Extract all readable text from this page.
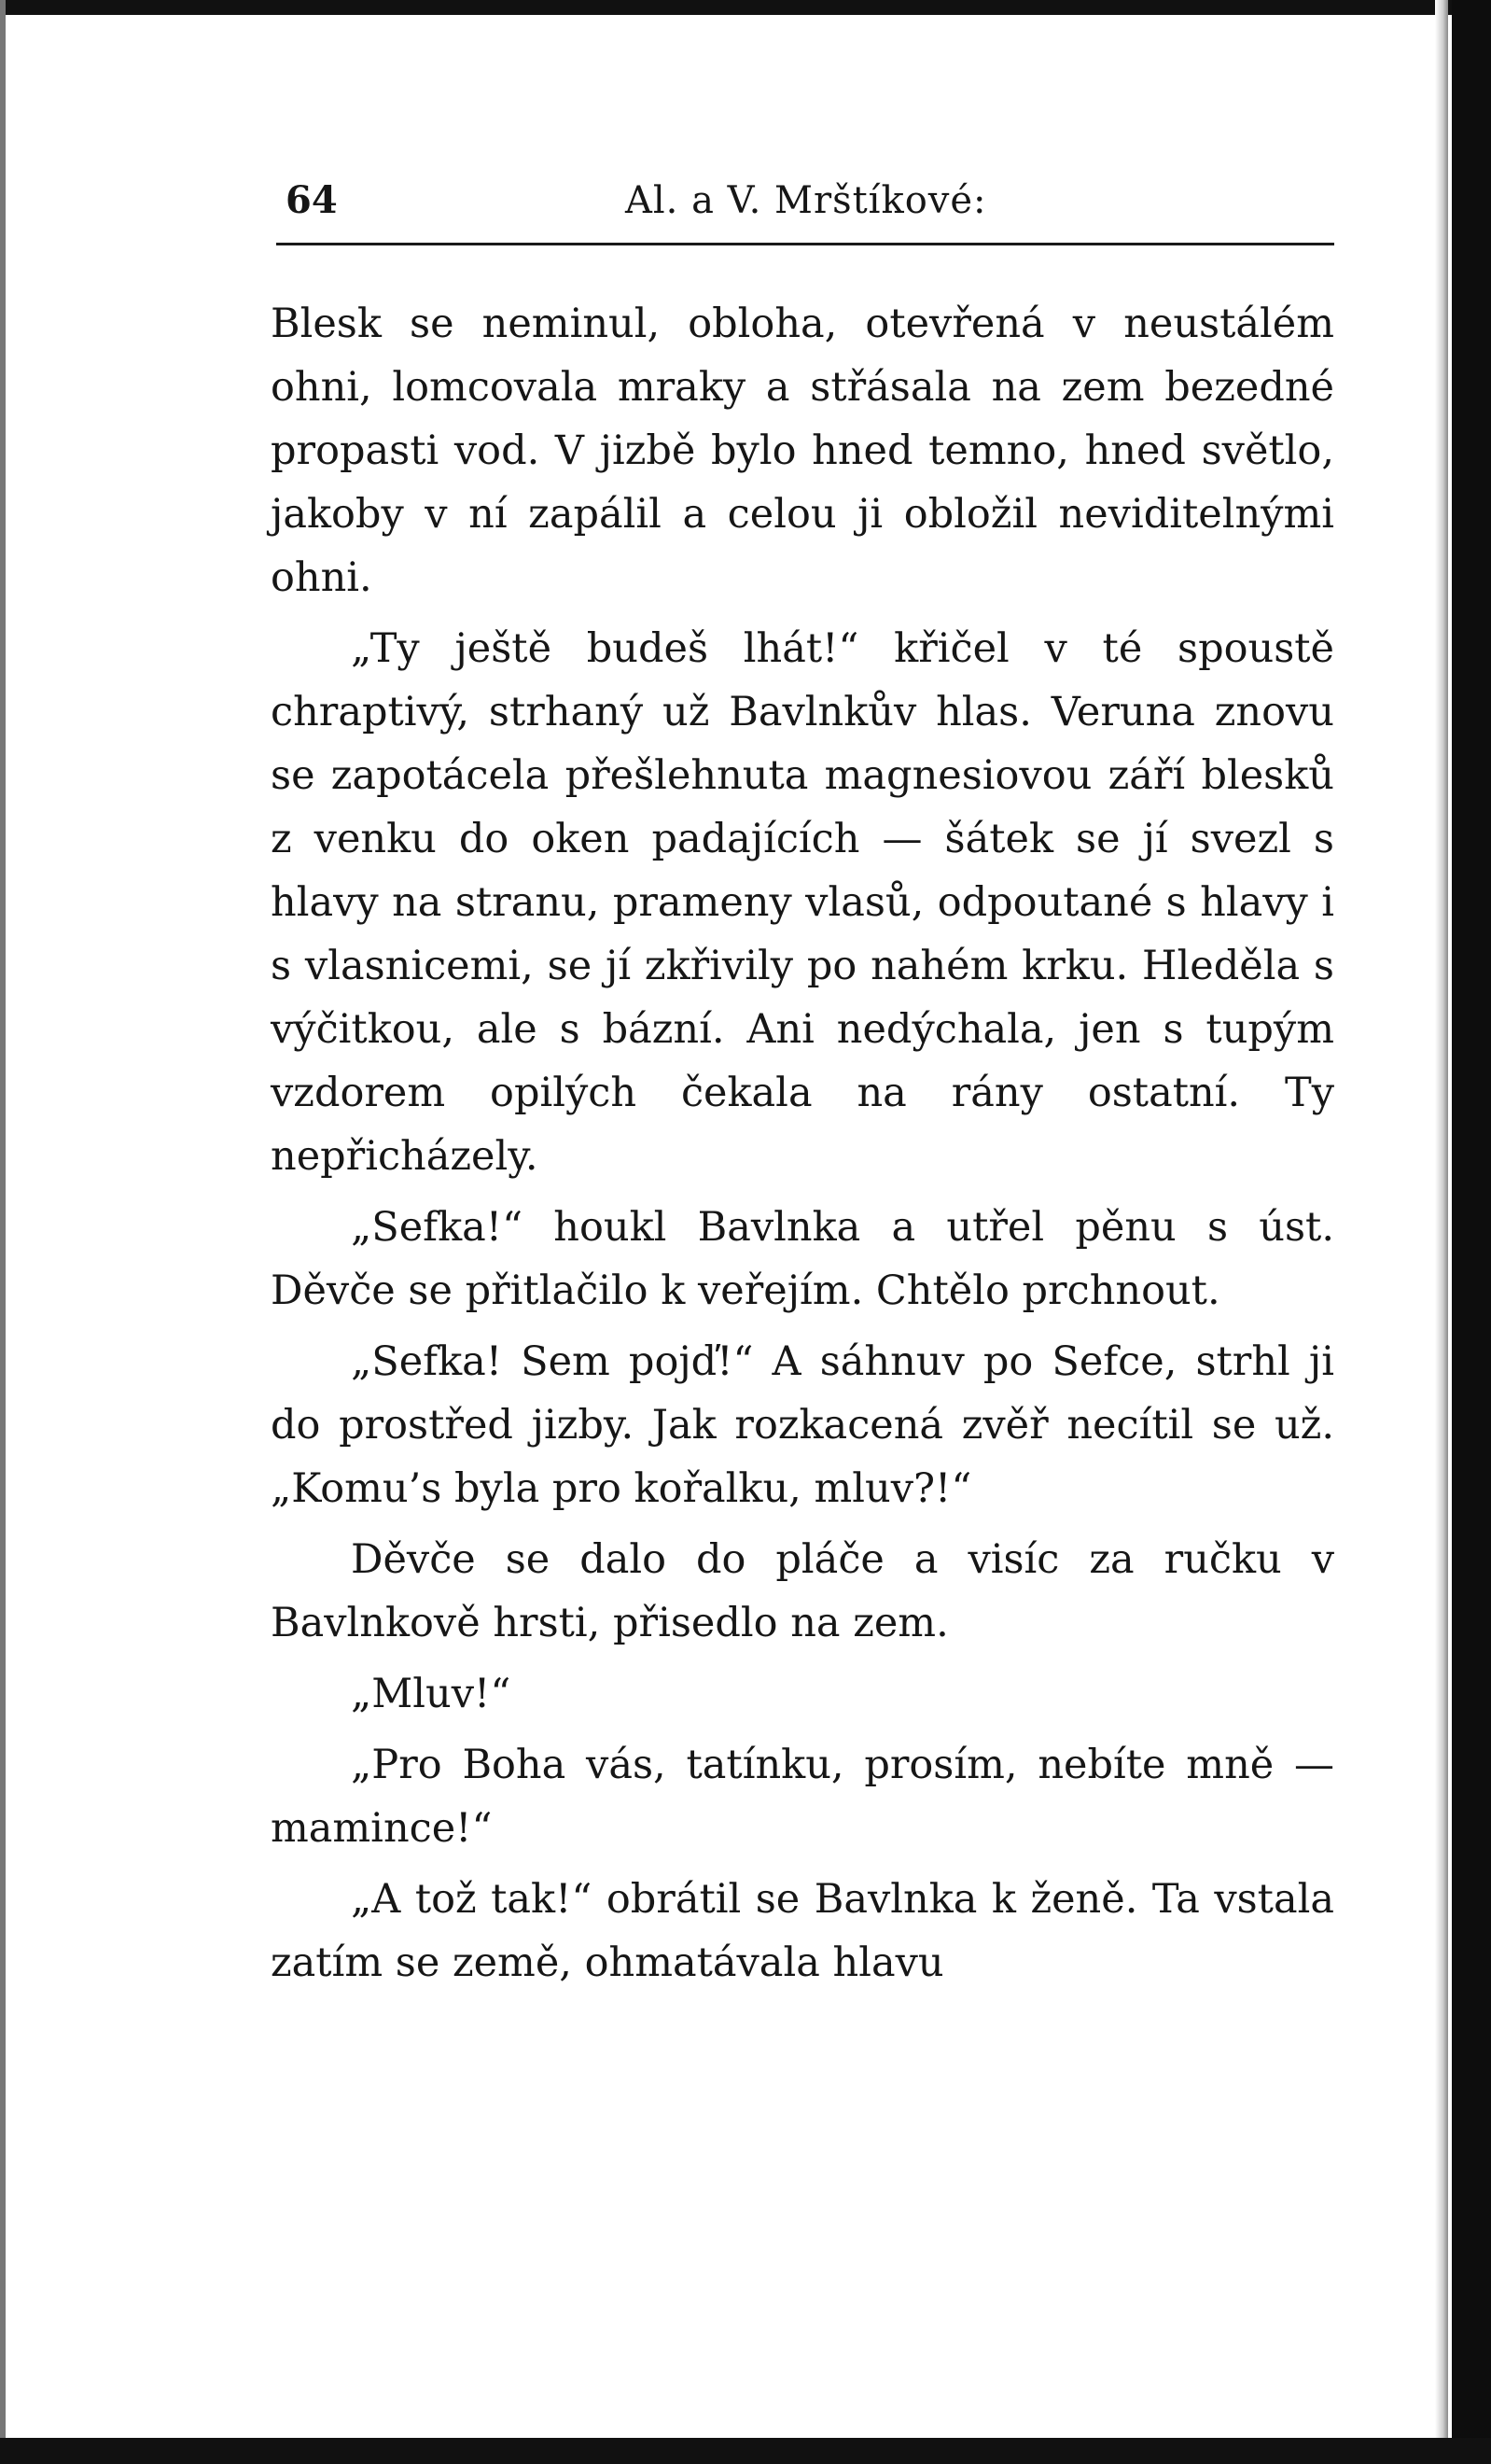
64	Al. a V. Mrštíkové:

Blesk se neminul, obloha, otevřená v neustálém ohni, lomcovala mraky a střásala na zem bezedné propasti vod. V jizbě bylo hned temno, hned světlo, jakoby v ní zapálil a celou ji obložil neviditelnými ohni.

„Ty ještě budeš lhát!“ křičel v té spoustě chraptivý, strhaný už Bavlnkův hlas. Veruna znovu se zapotácela přešlehnuta magnesiovou září blesků z venku do oken padajících — šátek se jí svezl s hlavy na stranu, prameny vlasů, odpoutané s hlavy i s vlasnicemi, se jí zkřivily po nahém krku. Hleděla s výčitkou, ale s bázní. Ani nedýchala, jen s tupým vzdorem opilých čekala na rány ostatní. Ty nepřicházely.

„Sefka!“ houkl Bavlnka a utřel pěnu s úst. Děvče se přitlačilo k veřejím. Chtělo prchnout.

„Sefka! Sem pojď!“ A sáhnuv po Sefce, strhl ji do prostřed jizby. Jak rozkacená zvěř necítil se už. „Komu’s byla pro kořalku, mluv?!“

Děvče se dalo do pláče a visíc za ručku v Bavlnkově hrsti, přisedlo na zem.

„Mluv!“

„Pro Boha vás, tatínku, prosím, nebíte mně — mamince!“

„A tož tak!“ obrátil se Bavlnka k ženě. Ta vstala zatím se země, ohmatávala hlavu
